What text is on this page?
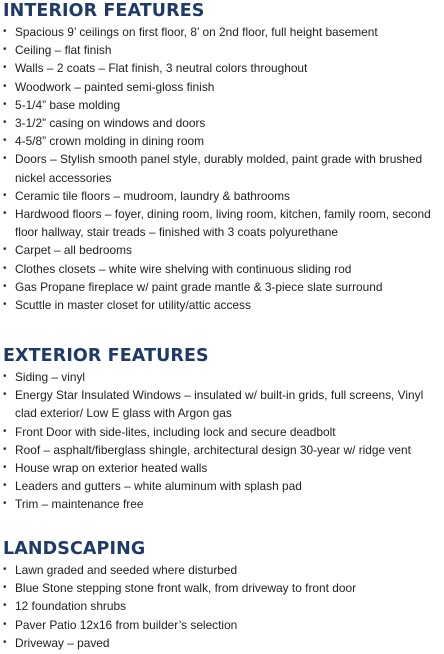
INTERIOR FEATURES
• Spacious 9’ ceilings on first floor, 8’ on 2nd floor, full height basement
• Ceiling – flat finish
• Walls – 2 coats – Flat finish, 3 neutral colors throughout
• Woodwork – painted semi-gloss finish
• 5-1/4” base molding
• 3-1/2” casing on windows and doors
• 4-5/8” crown molding in dining room
• Doors – Stylish smooth panel style, durably molded, paint grade with brushed nickel accessories
• Ceramic tile floors – mudroom, laundry & bathrooms
• Hardwood floors – foyer, dining room, living room, kitchen, family room, second floor hallway, stair treads – finished with 3 coats polyurethane
• Carpet – all bedrooms
• Clothes closets – white wire shelving with continuous sliding rod
• Gas Propane fireplace w/ paint grade mantle & 3-piece slate surround
• Scuttle in master closet for utility/attic access
EXTERIOR FEATURES
• Siding – vinyl
• Energy Star Insulated Windows – insulated w/ built-in grids, full screens, Vinyl clad exterior/ Low E glass with Argon gas
• Front Door with side-lites, including lock and secure deadbolt
• Roof – asphalt/fiberglass shingle, architectural design 30-year w/ ridge vent
• House wrap on exterior heated walls
• Leaders and gutters – white aluminum with splash pad
• Trim – maintenance free
LANDSCAPING
• Lawn graded and seeded where disturbed
• Blue Stone stepping stone front walk, from driveway to front door
• 12 foundation shrubs
• Paver Patio 12x16 from builder’s selection
• Driveway – paved
